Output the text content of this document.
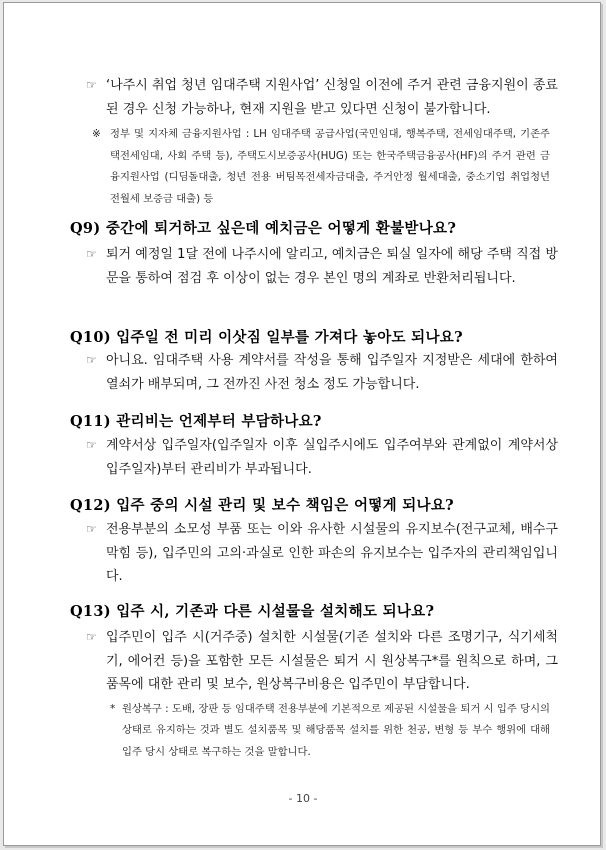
☞ ‘나주시 취업 청년 임대주택 지원사업’ 신청일 이전에 주거 관련 금융지원이 종료된 경우 신청 가능하나, 현재 지원을 받고 있다면 신청이 불가합니다.
※ 정부 및 지자체 금융지원사업 : LH 임대주택 공급사업(국민임대, 행복주택, 전세임대주택, 기존주택전세임대, 사회 주택 등), 주택도시보증공사(HUG) 또는 한국주택금융공사(HF)의 주거 관련 금융지원사업 (디딤돌대출, 청년 전용 버팀목전세자금대출, 주거안정 월세대출, 중소기업 취업청년 전월세 보증금 대출) 등
Q9) 중간에 퇴거하고 싶은데 예치금은 어떻게 환불받나요?
☞ 퇴거 예정일 1달 전에 나주시에 알리고, 예치금은 퇴실 일자에 해당 주택 직접 방문을 통하여 점검 후 이상이 없는 경우 본인 명의 계좌로 반환처리됩니다.
Q10) 입주일 전 미리 이삿짐 일부를 가져다 놓아도 되나요?
☞ 아니요. 임대주택 사용 계약서를 작성을 통해 입주일자 지정받은 세대에 한하여 열쇠가 배부되며, 그 전까진 사전 청소 정도 가능합니다.
Q11) 관리비는 언제부터 부담하나요?
☞ 계약서상 입주일자(입주일자 이후 실입주시에도 입주여부와 관계없이 계약서상 입주일자)부터 관리비가 부과됩니다.
Q12) 입주 중의 시설 관리 및 보수 책임은 어떻게 되나요?
☞ 전용부분의 소모성 부품 또는 이와 유사한 시설물의 유지보수(전구교체, 배수구 막힘 등), 입주민의 고의·과실로 인한 파손의 유지보수는 입주자의 관리책임입니다.
Q13) 입주 시, 기존과 다른 시설물을 설치해도 되나요?
☞ 입주민이 입주 시(거주중) 설치한 시설물(기존 설치와 다른 조명기구, 식기세척기, 에어컨 등)을 포함한 모든 시설물은 퇴거 시 원상복구*를 원칙으로 하며, 그 품목에 대한 관리 및 보수, 원상복구비용은 입주민이 부담합니다.
* 원상복구 : 도배, 장판 등 임대주택 전용부분에 기본적으로 제공된 시설물을 퇴거 시 입주 당시의 상태로 유지하는 것과 별도 설치품목 및 해당품목 설치를 위한 천공, 변형 등 부수 행위에 대해 입주 당시 상태로 복구하는 것을 말합니다.
- 10 -
